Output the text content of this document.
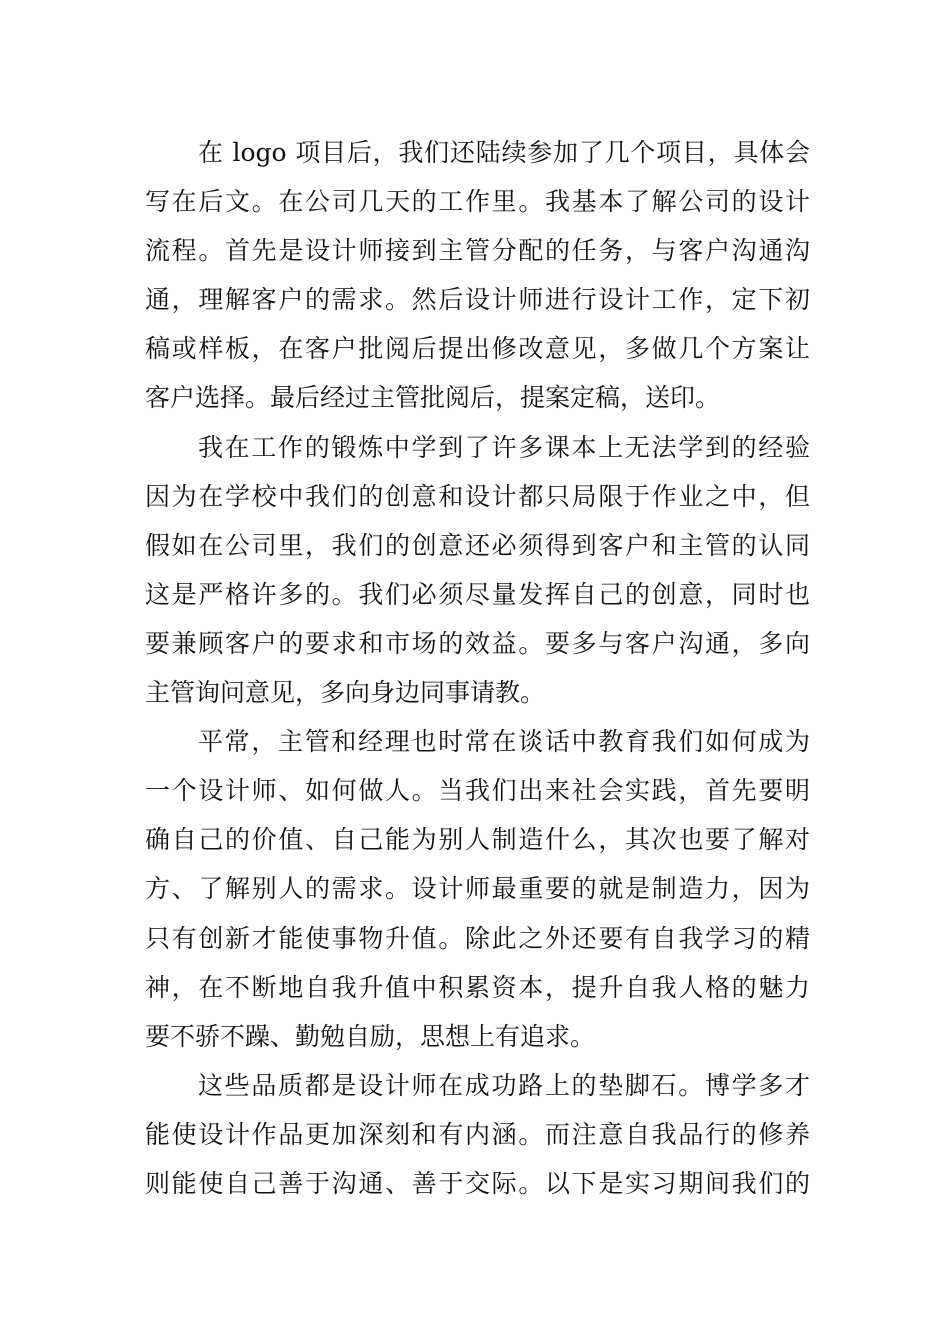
在 logo 项目后，我们还陆续参加了几个项目，具体会
写在后文。在公司几天的工作里。我基本了解公司的设计
流程。首先是设计师接到主管分配的任务，与客户沟通沟
通，理解客户的需求。然后设计师进行设计工作，定下初
稿或样板，在客户批阅后提出修改意见，多做几个方案让
客户选择。最后经过主管批阅后，提案定稿，送印。
我在工作的锻炼中学到了许多课本上无法学到的经验
因为在学校中我们的创意和设计都只局限于作业之中，但
假如在公司里，我们的创意还必须得到客户和主管的认同
这是严格许多的。我们必须尽量发挥自己的创意，同时也
要兼顾客户的要求和市场的效益。要多与客户沟通，多向
主管询问意见，多向身边同事请教。
平常，主管和经理也时常在谈话中教育我们如何成为
一个设计师、如何做人。当我们出来社会实践，首先要明
确自己的价值、自己能为别人制造什么，其次也要了解对
方、了解别人的需求。设计师最重要的就是制造力，因为
只有创新才能使事物升值。除此之外还要有自我学习的精
神，在不断地自我升值中积累资本，提升自我人格的魅力
要不骄不躁、勤勉自励，思想上有追求。
这些品质都是设计师在成功路上的垫脚石。博学多才
能使设计作品更加深刻和有内涵。而注意自我品行的修养
则能使自己善于沟通、善于交际。以下是实习期间我们的
